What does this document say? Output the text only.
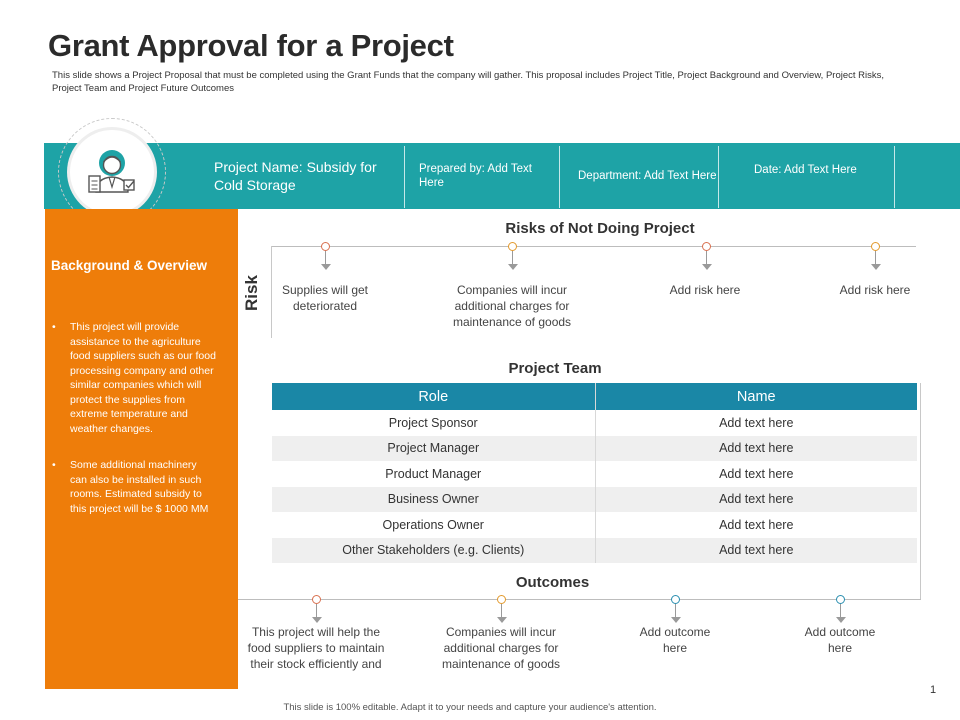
Grant Approval for a Project
This slide shows a Project Proposal that must be completed using the Grant Funds that the company will gather. This proposal includes Project Title, Project Background and Overview, Project Risks, Project Team and Project Future Outcomes
Project Name: Subsidy for Cold Storage
Prepared by: Add Text Here
Department: Add Text Here	Date: Add Text Here
Background & Overview
• This project will provide assistance to the agriculture food suppliers such as our food processing company and other similar companies which will protect the supplies from extreme temperature and weather changes.
• Some additional machinery can also be installed in such rooms. Estimated subsidy to this project will be $ 1000 MM
Risk
Risks of Not Doing Project
Supplies will get deteriorated
Companies will incur additional charges for maintenance of goods
Add risk here	Add risk here
Project Team
Role	Name
Project Sponsor	Add text here
Project Manager	Add text here
Product Manager	Add text here
Business Owner	Add text here
Operations Owner	Add text here
Other Stakeholders (e.g. Clients)	Add text here
Outcomes
This project will help the food suppliers to maintain their stock efficiently and
Companies will incur additional charges for maintenance of goods
Add outcome here
Add outcome here
1
This slide is 100% editable. Adapt it to your needs and capture your audience's attention.
